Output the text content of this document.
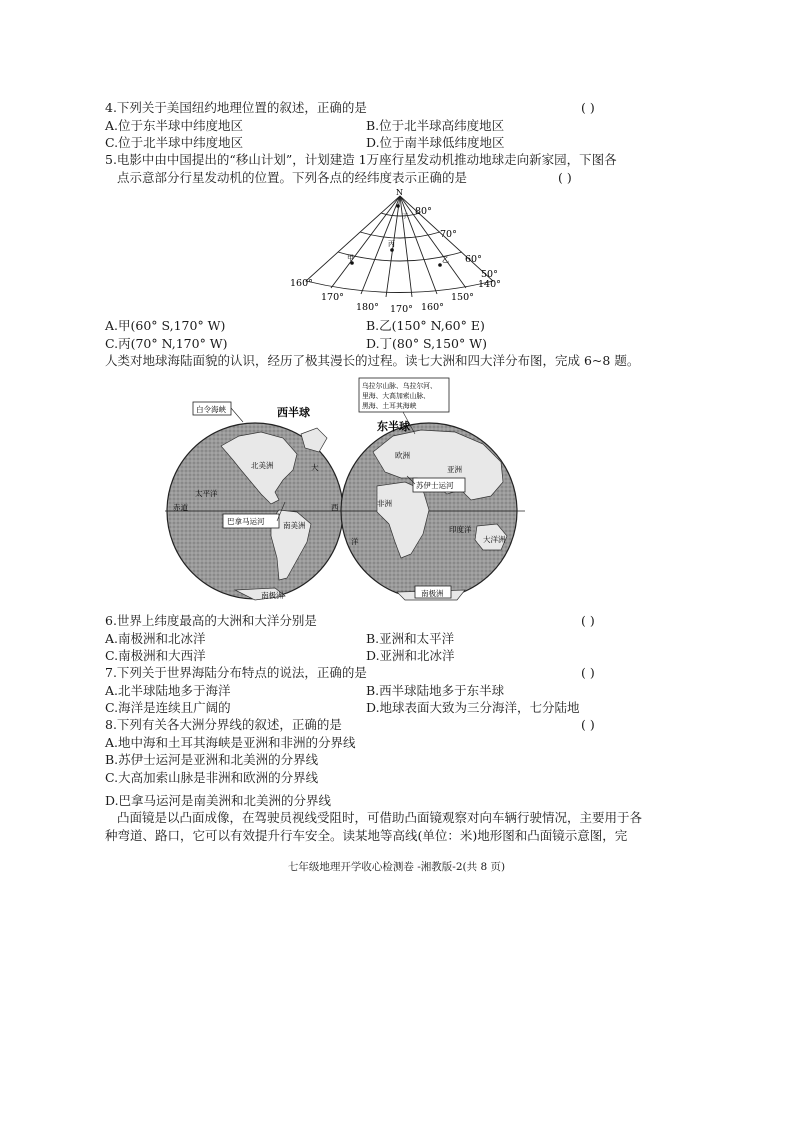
4.下列关于美国纽约地理位置的叙述，正确的是	( )
A.位于东半球中纬度地区	B.位于北半球高纬度地区
C.位于北半球中纬度地区	D.位于南半球低纬度地区
5.电影中由中国提出的“移山计划”，计划建造 1万座行星发动机推动地球走向新家园，下图各
点示意部分行星发动机的位置。下列各点的经纬度表示正确的是	( )
N
80°
70°
60°
50°
160°
170°
180° 170° 160°
150°
140°
甲	乙
丙
丁
A.甲(60° S,170° W)	B.乙(150° N,60° E)
C.丙(70° N,170° W)	D.丁(80° S,150° W)
人类对地球海陆面貌的认识，经历了极其漫长的过程。读七大洲和四大洋分布图，完成 6~8 题。
白令海峡
巴拿马运河
苏伊士运河
乌拉尔山脉、乌拉尔河、
里海、大高加索山脉、
黑海、土耳其海峡
南极洲
西半球
东半球
北美洲
南美洲
太平洋
赤道
大
西
洋
欧洲
亚洲
非洲
印度洋
南极洲
大洋洲
6.世界上纬度最高的大洲和大洋分别是	( )
A.南极洲和北冰洋	B.亚洲和太平洋
C.南极洲和大西洋	D.亚洲和北冰洋
7.下列关于世界海陆分布特点的说法，正确的是	( )
A.北半球陆地多于海洋	B.西半球陆地多于东半球
C.海洋是连续且广阔的	D.地球表面大致为三分海洋，七分陆地
8.下列有关各大洲分界线的叙述，正确的是	( )
A.地中海和土耳其海峡是亚洲和非洲的分界线
B.苏伊士运河是亚洲和北美洲的分界线
C.大高加索山脉是非洲和欧洲的分界线
D.巴拿马运河是南美洲和北美洲的分界线
凸面镜是以凸面成像，在驾驶员视线受阻时，可借助凸面镜观察对向车辆行驶情况，主要用于各
种弯道、路口，它可以有效提升行车安全。读某地等高线(单位：米)地形图和凸面镜示意图，完
七年级地理开学收心检测卷 -湘教版-2(共 8 页)
